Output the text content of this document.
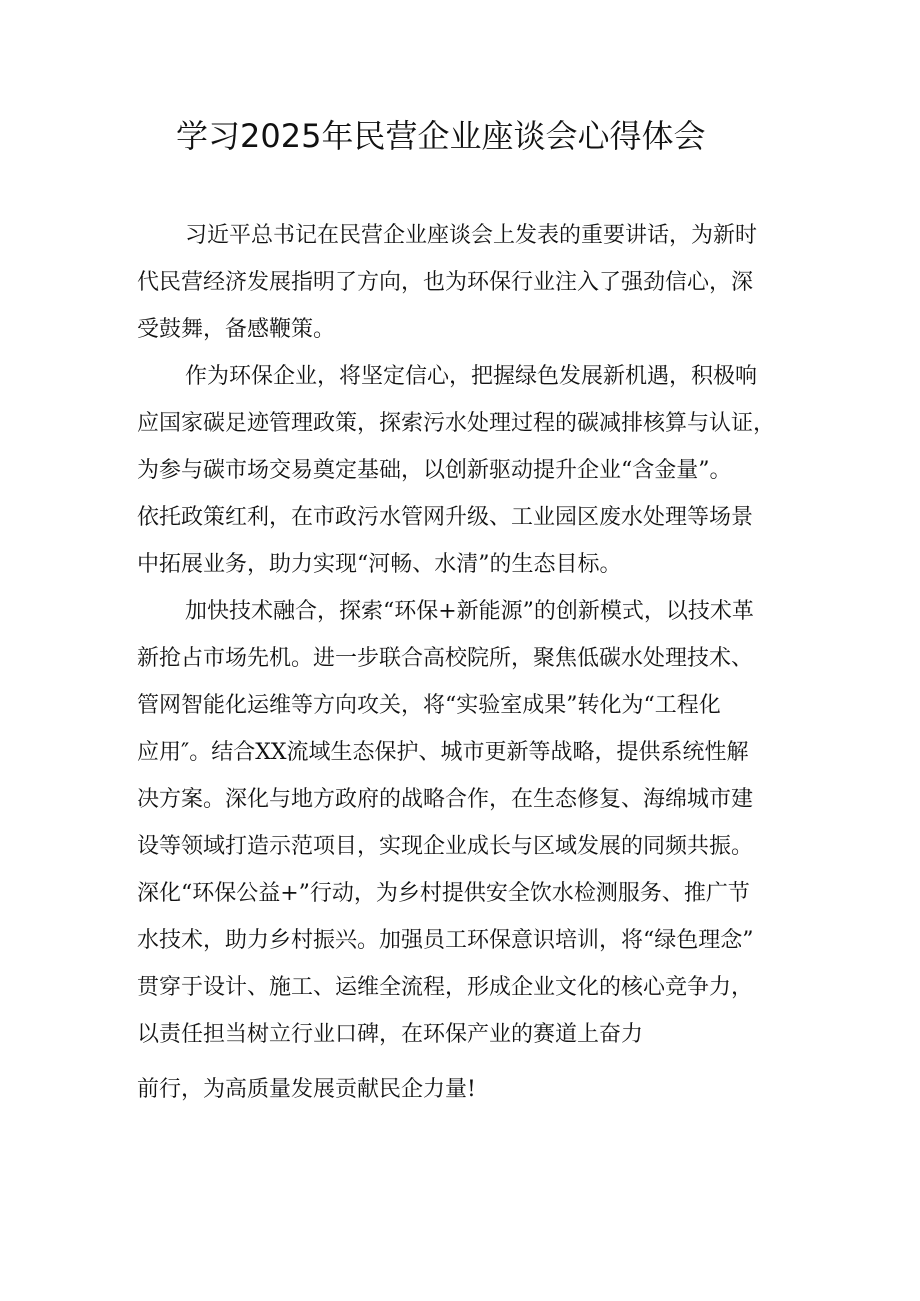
学习2025年民营企业座谈会心得体会
习近平总书记在民营企业座谈会上发表的重要讲话，为新时
代民营经济发展指明了方向，也为环保行业注入了强劲信心，深
受鼓舞，备感鞭策。
作为环保企业，将坚定信心，把握绿色发展新机遇，积极响
应国家碳足迹管理政策，探索污水处理过程的碳减排核算与认证，
为参与碳市场交易奠定基础，以创新驱动提升企业“含金量”。
依托政策红利，在市政污水管网升级、工业园区废水处理等场景
中拓展业务，助力实现“河畅、水清”的生态目标。
加快技术融合，探索“环保+新能源”的创新模式，以技术革
新抢占市场先机。进一步联合高校院所，聚焦低碳水处理技术、
管网智能化运维等方向攻关，将“实验室成果”转化为“工程化
应用″。结合XX流域生态保护、城市更新等战略，提供系统性解
决方案。深化与地方政府的战略合作，在生态修复、海绵城市建
设等领域打造示范项目，实现企业成长与区域发展的同频共振。
深化“环保公益+”行动，为乡村提供安全饮水检测服务、推广节
水技术，助力乡村振兴。加强员工环保意识培训，将“绿色理念”
贯穿于设计、施工、运维全流程，形成企业文化的核心竞争力，
以责任担当树立行业口碑，在环保产业的赛道上奋力
前行，为高质量发展贡献民企力量!
